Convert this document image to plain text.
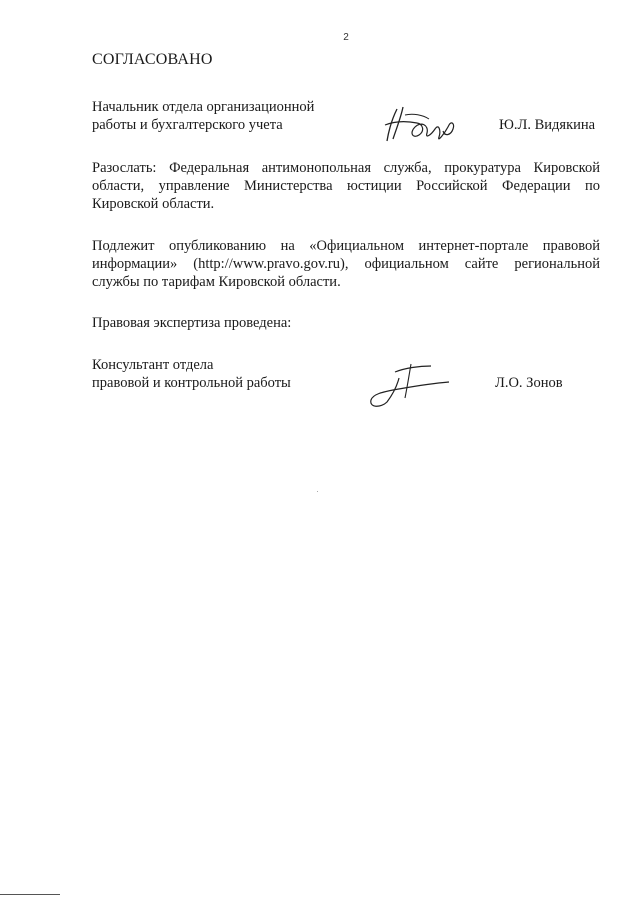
2
СОГЛАСОВАНО
Начальник отдела организационной
работы и бухгалтерского учета	Ю.Л. Видякина
Разослать: Федеральная антимонопольная служба, прокуратура Кировской
области, управление Министерства юстиции Российской Федерации по
Кировской области.
Подлежит опубликованию на «Официальном интернет-портале правовой
информации» (http://www.pravo.gov.ru), официальном сайте региональной
службы по тарифам Кировской области.
Правовая экспертиза проведена:
Консультант отдела
правовой и контрольной работы	Л.О. Зонов
